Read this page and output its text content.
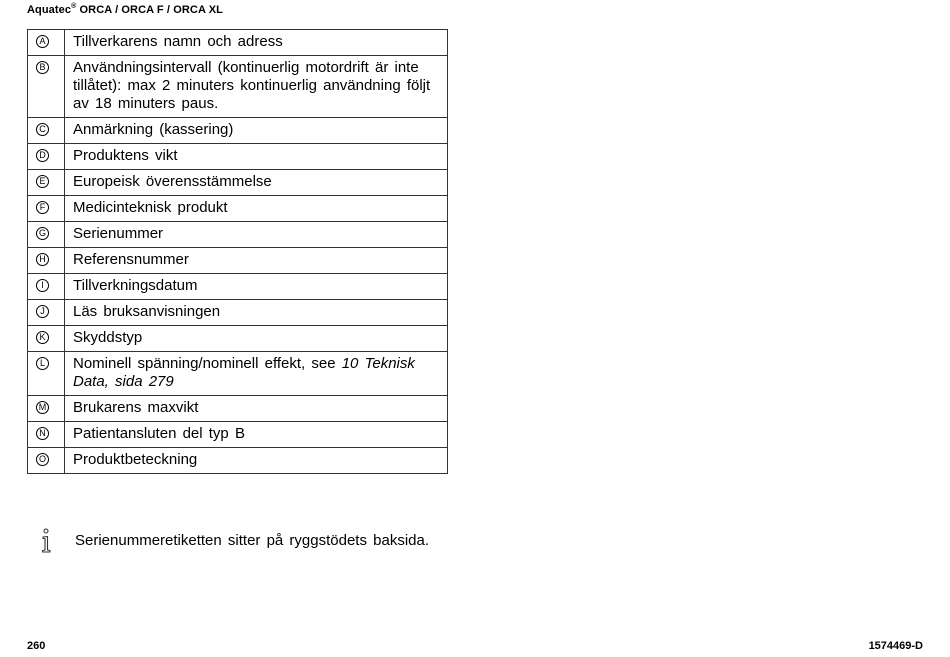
Aquatec® ORCA / ORCA F / ORCA XL
A	Tillverkarens namn och adress
B	Användningsintervall (kontinuerlig motordrift är inte tillåtet): max 2 minuters kontinuerlig användning följt av 18 minuters paus.
C	Anmärkning (kassering)
D	Produktens vikt
E	Europeisk överensstämmelse
F	Medicinteknisk produkt
G	Serienummer
H	Referensnummer
I	Tillverkningsdatum
J	Läs bruksanvisningen
K	Skyddstyp
L	Nominell spänning/nominell effekt, see 10 Teknisk Data, sida 279
M	Brukarens maxvikt
N	Patientansluten del typ B
O	Produktbeteckning
Serienummeretiketten sitter på ryggstödets baksida.
260	1574469-D
